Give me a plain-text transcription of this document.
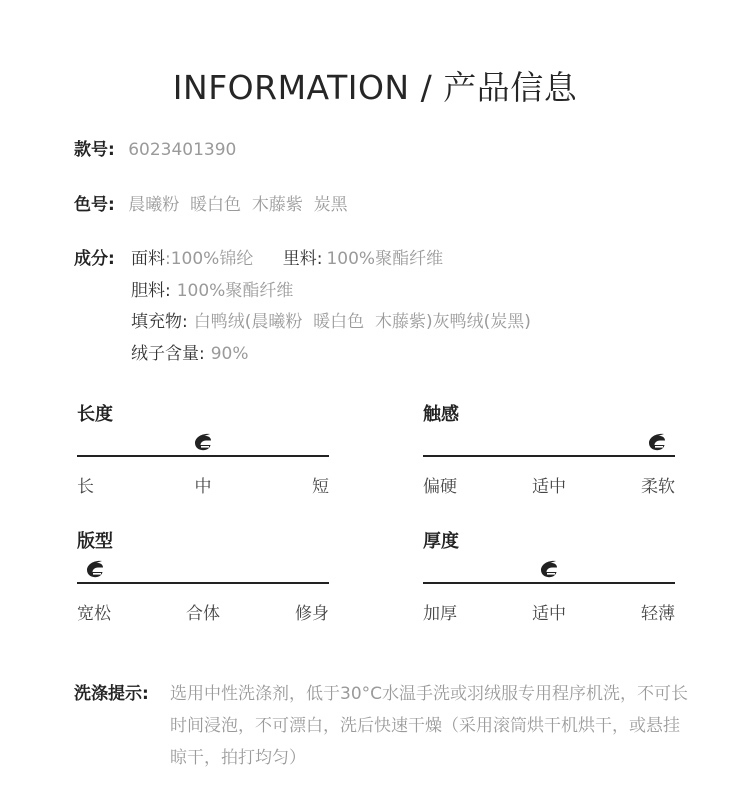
INFORMATION / 产品信息
款号: 6023401390
色号: 晨曦粉  暖白色  木藤紫  炭黑
成分: 面料:100%锦纶 里料: 100%聚酯纤维
胆料: 100%聚酯纤维
填充物: 白鸭绒(晨曦粉  暖白色  木藤紫)灰鸭绒(炭黑)
绒子含量: 90%
长度
长	中	短
触感
偏硬	适中	柔软
版型
宽松	合体	修身
厚度
加厚	适中	轻薄
洗涤提示: 选用中性洗涤剂，低于30°C水温手洗或羽绒服专用程序机洗，不可长时间浸泡，不可漂白，洗后快速干燥（采用滚筒烘干机烘干，或悬挂晾干，拍打均匀）
